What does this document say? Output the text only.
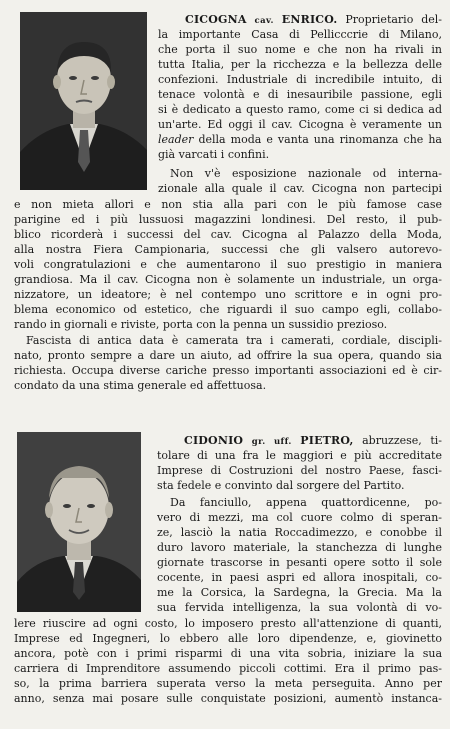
CICOGNA cav. ENRICO. Proprietario del-
la importante Casa di Pellicccrie di Milano,
che porta il suo nome e che non ha rivali in
tutta Italia, per la ricchezza e la bellezza delle
confezioni. Industriale di incredibile intuito, di
tenace volontà e di inesauribile passione, egli
si è dedicato a questo ramo, come ci si dedica ad
un'arte. Ed oggi il cav. Cicogna è veramente un
leader della moda e vanta una rinomanza che ha
già varcati i confini.
Non v'è esposizione nazionale od interna-
zionale alla quale il cav. Cicogna non partecipi
e non mieta allori e non stia alla pari con le più famose case
parigine ed i più lussuosi magazzini londinesi. Del resto, il pub-
blico ricorderà i successi del cav. Cicogna al Palazzo della Moda,
alla nostra Fiera Campionaria, successi che gli valsero autorevo-
voli congratulazioni e che aumentarono il suo prestigio in maniera
grandiosa. Ma il cav. Cicogna non è solamente un industriale, un orga-
nizzatore, un ideatore; è nel contempo uno scrittore e in ogni pro-
blema economico od estetico, che riguardi il suo campo egli, collabo-
rando in giornali e riviste, porta con la penna un sussidio prezioso.
Fascista di antica data è camerata tra i camerati, cordiale, discipli-
nato, pronto sempre a dare un aiuto, ad offrire la sua opera, quando sia
richiesta. Occupa diverse cariche presso importanti associazioni ed è cir-
condato da una stima generale ed affettuosa.
CIDONIO gr. uff. PIETRO, abruzzese, ti-
tolare di una fra le maggiori e più accreditate
Imprese di Costruzioni del nostro Paese, fasci-
sta fedele e convinto dal sorgere del Partito.
Da fanciullo, appena quattordicenne, po-
vero di mezzi, ma col cuore colmo di speran-
ze, lasciò la natia Roccadimezzo, e conobbe il
duro lavoro materiale, la stanchezza di lunghe
giornate trascorse in pesanti opere sotto il sole
cocente, in paesi aspri ed allora inospitali, co-
me la Corsica, la Sardegna, la Grecia. Ma la
sua fervida intelligenza, la sua volontà di vo-
lere riuscire ad ogni costo, lo imposero presto all'attenzione di quanti,
Imprese ed Ingegneri, lo ebbero alle loro dipendenze, e, giovinetto
ancora, potè con i primi risparmi di una vita sobria, iniziare la sua
carriera di Imprenditore assumendo piccoli cottimi. Era il primo pas-
so, la prima barriera superata verso la meta perseguita. Anno per
anno, senza mai posare sulle conquistate posizioni, aumentò instanca-
